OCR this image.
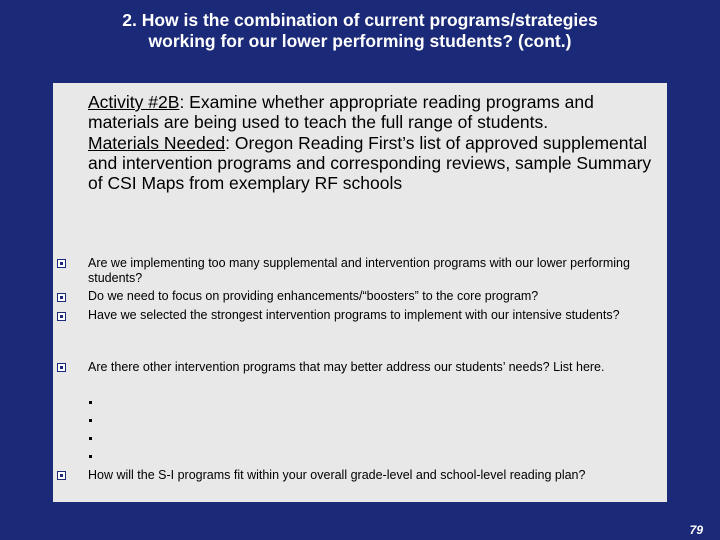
2. How is the combination of current programs/strategies
working for our lower performing students? (cont.)

Activity #2B: Examine whether appropriate reading programs and materials are being used to teach the full range of students.

Materials Needed: Oregon Reading First’s list of approved supplemental and intervention programs and corresponding reviews, sample Summary of CSI Maps from exemplary RF schools

Are we implementing too many supplemental and intervention programs with our lower performing students?
Do we need to focus on providing enhancements/“boosters” to the core program?
Have we selected the strongest intervention programs to implement with our intensive students?
Are there other intervention programs that may better address our students’ needs? List here.
How will the S-I programs fit within your overall grade-level and school-level reading plan?
79
